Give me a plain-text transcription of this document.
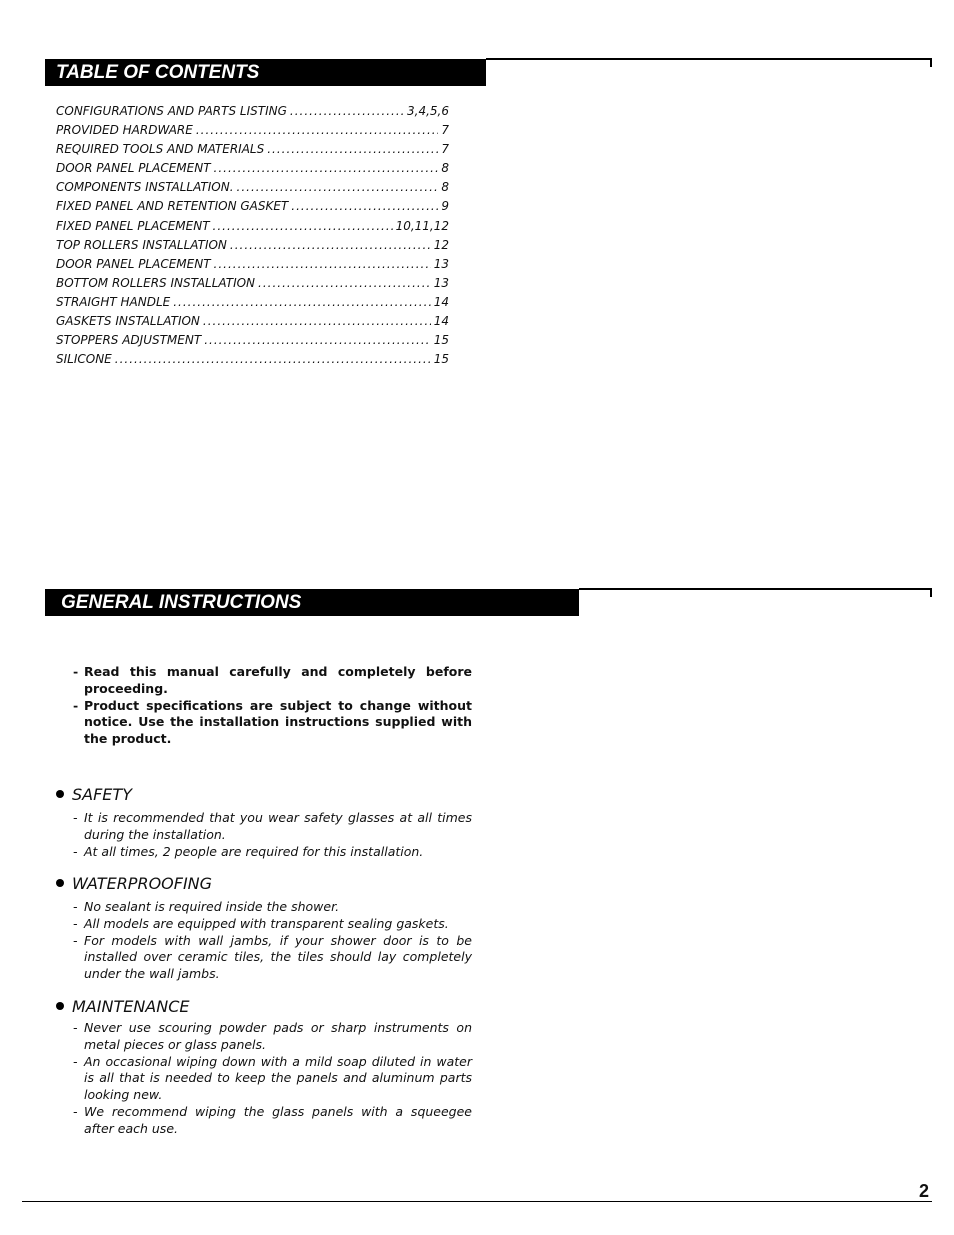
TABLE OF CONTENTS
CONFIGURATIONS AND PARTS LISTING .....	3,4,5,6
PROVIDED HARDWARE .....	7
REQUIRED TOOLS AND MATERIALS .....	7
DOOR PANEL PLACEMENT .....	8
COMPONENTS INSTALLATION. .....	8
FIXED PANEL AND RETENTION GASKET .....	9
FIXED PANEL PLACEMENT .....	10,11,12
TOP ROLLERS INSTALLATION .....	12
DOOR PANEL PLACEMENT .....	13
BOTTOM ROLLERS INSTALLATION .....	13
STRAIGHT HANDLE .....	14
GASKETS INSTALLATION .....	14
STOPPERS ADJUSTMENT .....	15
SILICONE .....	15
GENERAL INSTRUCTIONS
- Read this manual carefully and completely before proceeding.
- Product specifications are subject to change without notice. Use the installation instructions supplied with the product.
SAFETY
- It is recommended that you wear safety glasses at all times during the installation.
- At all times, 2 people are required for this installation.
WATERPROOFING
- No sealant is required inside the shower.
- All models are equipped with transparent sealing gaskets.
- For models with wall jambs, if your shower door is to be installed over ceramic tiles, the tiles should lay completely under the wall jambs.
MAINTENANCE
- Never use scouring powder pads or sharp instruments on metal pieces or glass panels.
- An occasional wiping down with a mild soap diluted in water is all that is needed to keep the panels and aluminum parts looking new.
- We recommend wiping the glass panels with a squeegee after each use.
2
